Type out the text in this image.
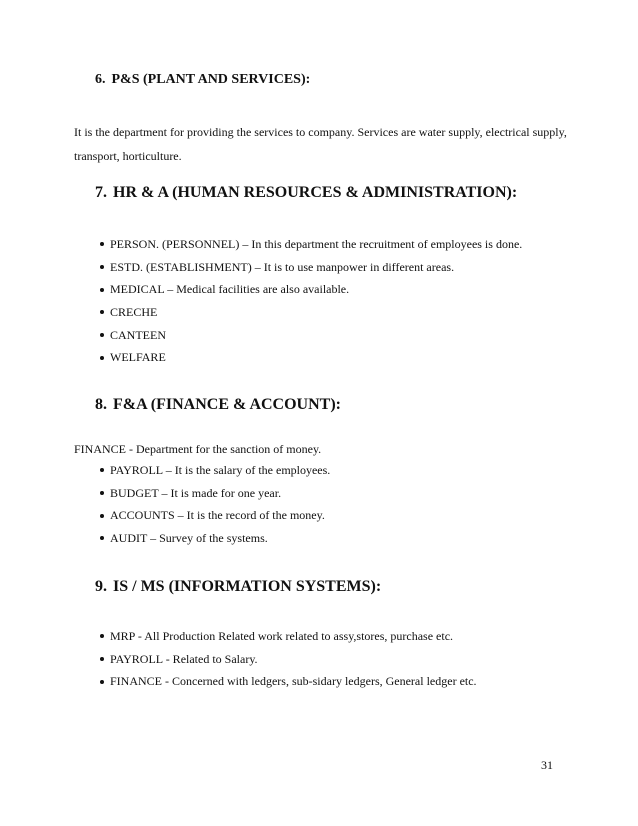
6. P&S (PLANT AND SERVICES):
It is the department for providing the services to company. Services are water supply, electrical supply, transport, horticulture.
7. HR & A (HUMAN RESOURCES & ADMINISTRATION):
PERSON. (PERSONNEL) – In this department the recruitment of employees is done.
ESTD. (ESTABLISHMENT) – It is to use manpower in different areas.
MEDICAL – Medical facilities are also available.
CRECHE
CANTEEN
WELFARE
8. F&A (FINANCE & ACCOUNT):
FINANCE - Department for the sanction of money.
PAYROLL – It is the salary of the employees.
BUDGET – It is made for one year.
ACCOUNTS – It is the record of the money.
AUDIT – Survey of the systems.
9. IS / MS (INFORMATION SYSTEMS):
MRP - All Production Related work related to assy,stores, purchase etc.
PAYROLL - Related to Salary.
FINANCE - Concerned with ledgers, sub-sidary ledgers, General ledger etc.
31
